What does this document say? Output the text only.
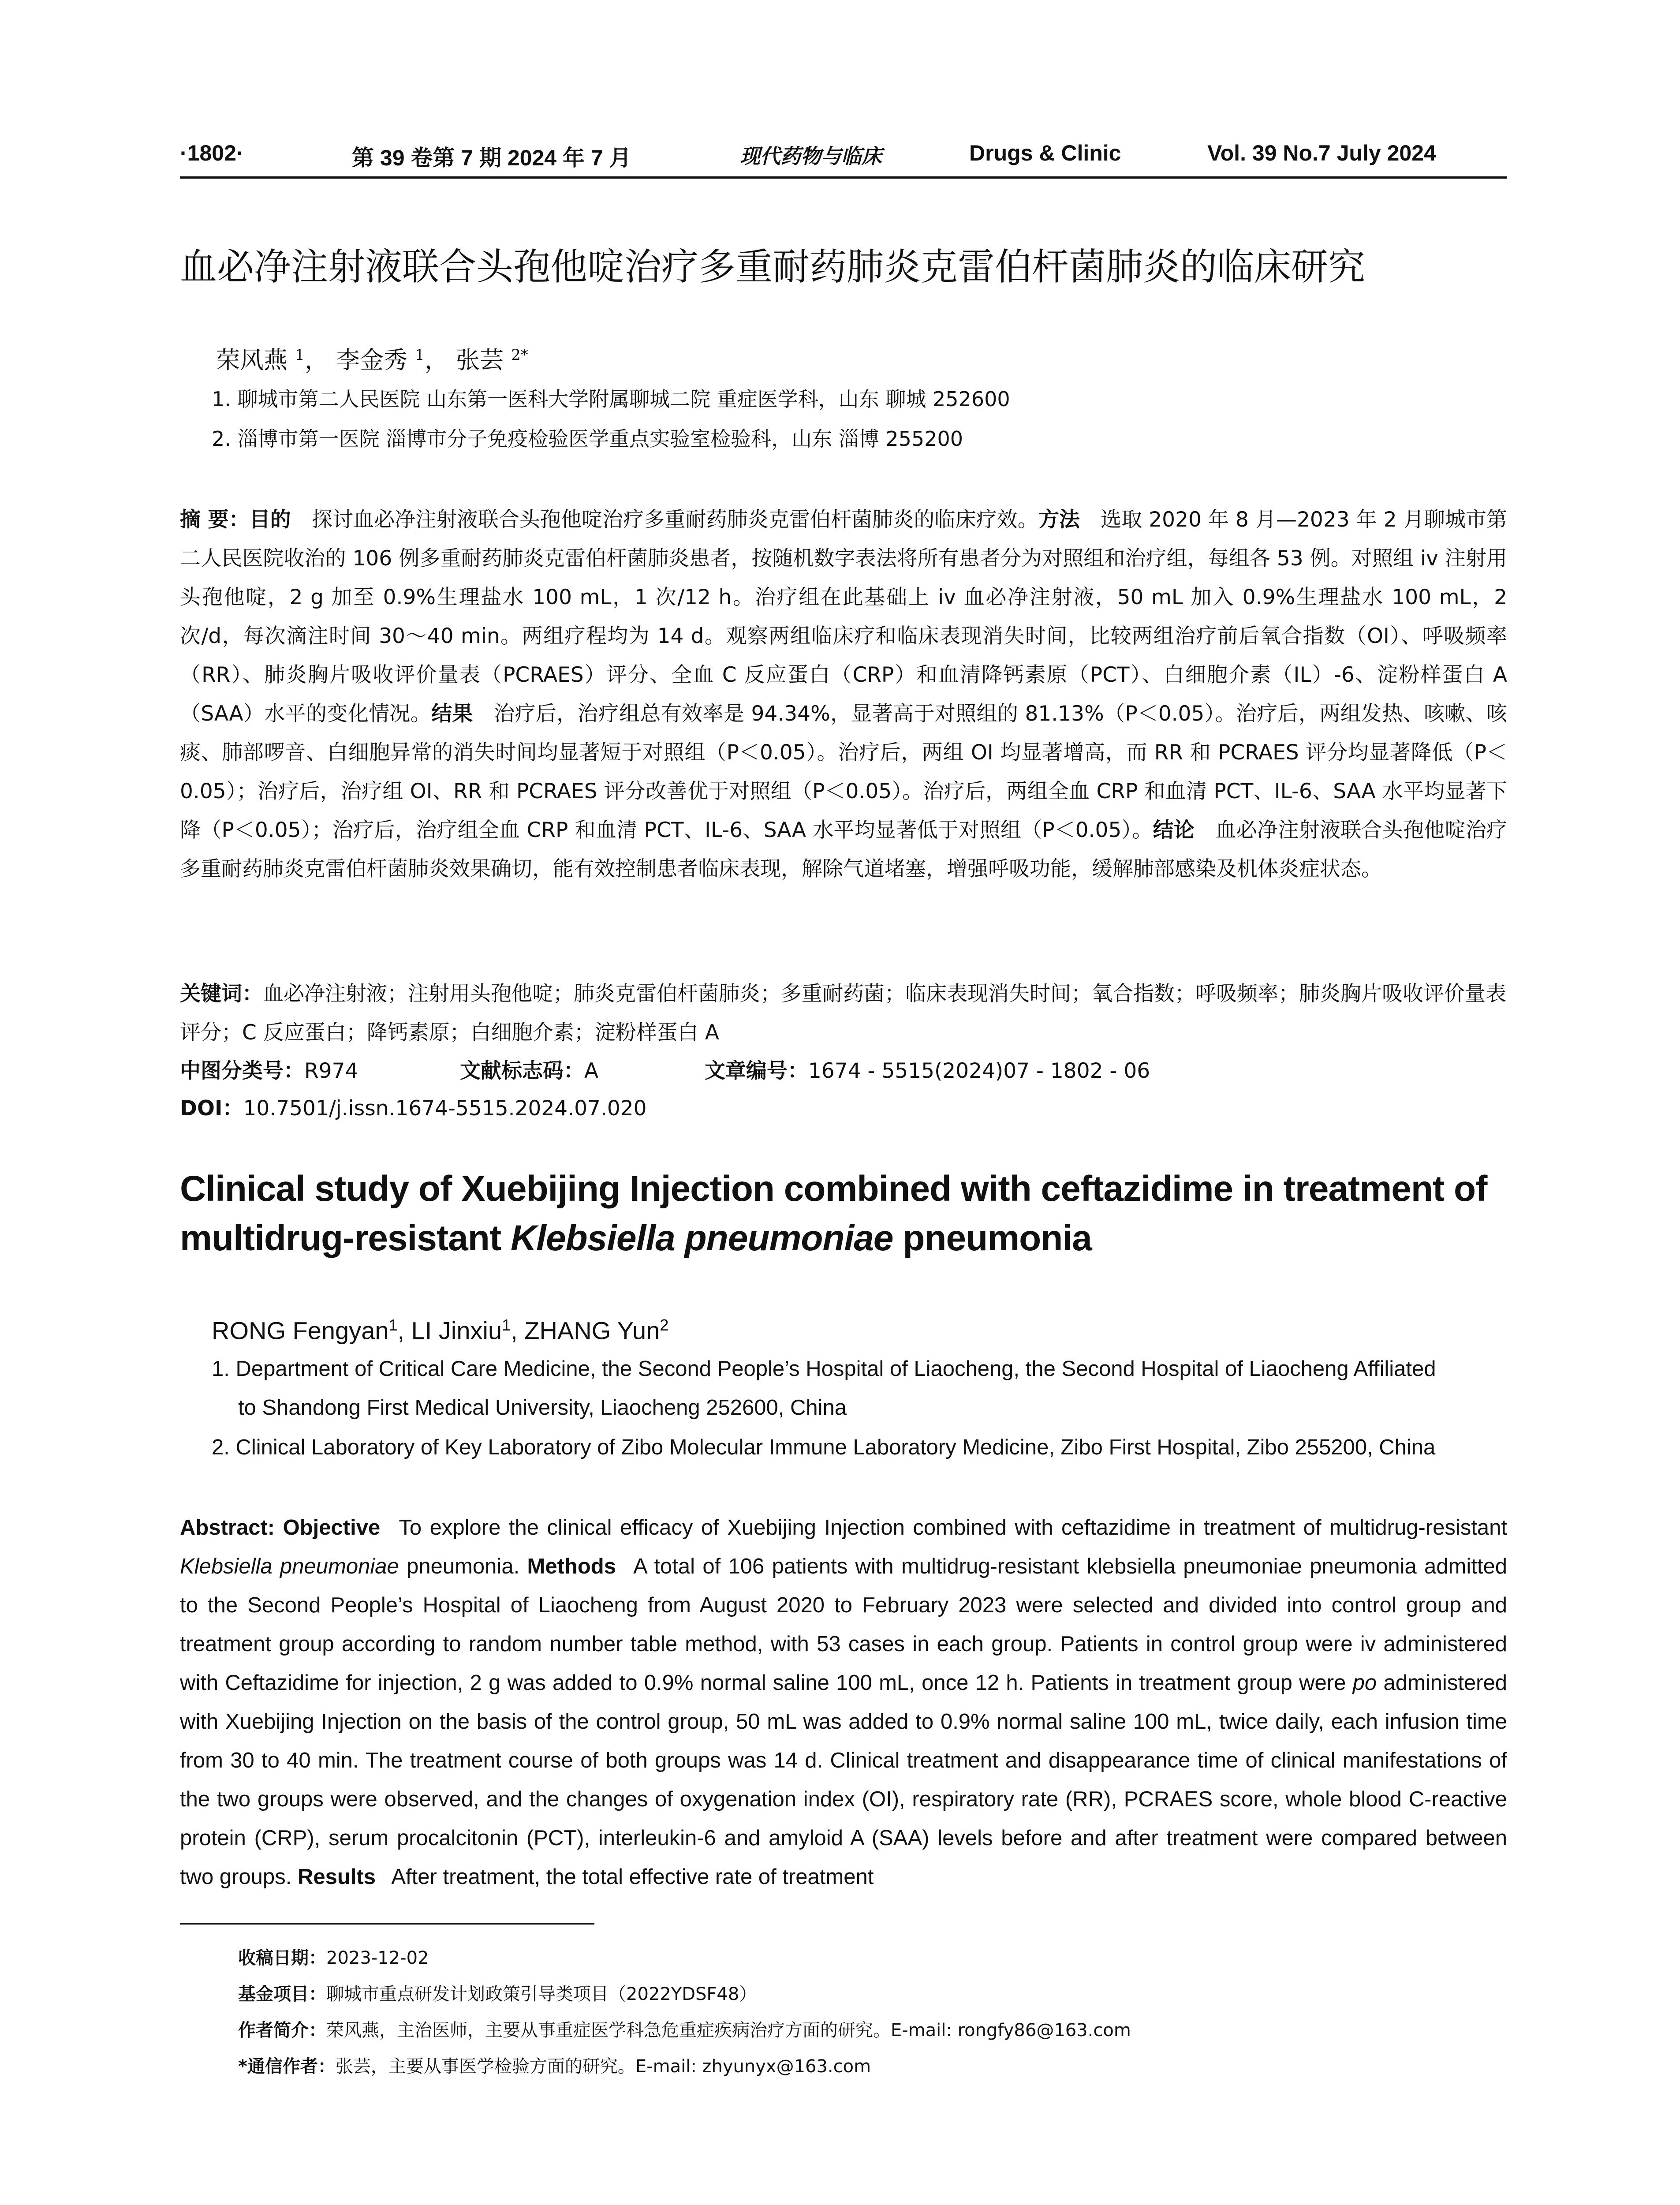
·1802·	第 39 卷第 7 期 2024 年 7 月	现代药物与临床	Drugs & Clinic	Vol. 39 No.7 July 2024
血必净注射液联合头孢他啶治疗多重耐药肺炎克雷伯杆菌肺炎的临床研究
荣风燕 $^1$， 李金秀 $^1$， 张芸 $^{2*}$
1. 聊城市第二人民医院 山东第一医科大学附属聊城二院 重症医学科，山东 聊城 252600
2. 淄博市第一医院 淄博市分子免疫检验医学重点实验室检验科，山东 淄博 255200
摘 要：目的  探讨血必净注射液联合头孢他啶治疗多重耐药肺炎克雷伯杆菌肺炎的临床疗效。方法  选取 2020 年 8 月—2023 年 2 月聊城市第二人民医院收治的 106 例多重耐药肺炎克雷伯杆菌肺炎患者，按随机数字表法将所有患者分为对照组和治疗组，每组各 53 例。对照组 iv 注射用头孢他啶，2 g 加至 0.9%生理盐水 100 mL，1 次/12 h。治疗组在此基础上 iv 血必净注射液，50 mL 加入 0.9%生理盐水 100 mL，2 次/d，每次滴注时间 30～40 min。两组疗程均为 14 d。观察两组临床疗和临床表现消失时间，比较两组治疗前后氧合指数（OI）、呼吸频率（RR）、肺炎胸片吸收评价量表（PCRAES）评分、全血 C 反应蛋白（CRP）和血清降钙素原（PCT）、白细胞介素（IL）-6、淀粉样蛋白 A（SAA）水平的变化情况。结果  治疗后，治疗组总有效率是 94.34%，显著高于对照组的 81.13%（P＜0.05）。治疗后，两组发热、咳嗽、咳痰、肺部啰音、白细胞异常的消失时间均显著短于对照组（P＜0.05）。治疗后，两组 OI 均显著增高，而 RR 和 PCRAES 评分均显著降低（P＜0.05）；治疗后，治疗组 OI、RR 和 PCRAES 评分改善优于对照组（P＜0.05）。治疗后，两组全血 CRP 和血清 PCT、IL-6、SAA 水平均显著下降（P＜0.05）；治疗后，治疗组全血 CRP 和血清 PCT、IL-6、SAA 水平均显著低于对照组（P＜0.05）。结论  血必净注射液联合头孢他啶治疗多重耐药肺炎克雷伯杆菌肺炎效果确切，能有效控制患者临床表现，解除气道堵塞，增强呼吸功能，缓解肺部感染及机体炎症状态。
关键词：血必净注射液；注射用头孢他啶；肺炎克雷伯杆菌肺炎；多重耐药菌；临床表现消失时间；氧合指数；呼吸频率；肺炎胸片吸收评价量表评分；C 反应蛋白；降钙素原；白细胞介素；淀粉样蛋白 A
中图分类号：R974	文献标志码：A	文章编号：1674 - 5515(2024)07 - 1802 - 06
DOI：10.7501/j.issn.1674-5515.2024.07.020
Clinical study of Xuebijing Injection combined with ceftazidime in treatment of multidrug-resistant Klebsiella pneumoniae pneumonia
RONG Fengyan$^1$, LI Jinxiu$^1$, ZHANG Yun$^2$
1. Department of Critical Care Medicine, the Second People’s Hospital of Liaocheng, the Second Hospital of Liaocheng Affiliated
to Shandong First Medical University, Liaocheng 252600, China
2. Clinical Laboratory of Key Laboratory of Zibo Molecular Immune Laboratory Medicine, Zibo First Hospital, Zibo 255200, China
Abstract: Objective  To explore the clinical efficacy of Xuebijing Injection combined with ceftazidime in treatment of multidrug-resistant Klebsiella pneumoniae pneumonia. Methods  A total of 106 patients with multidrug-resistant klebsiella pneumoniae pneumonia admitted to the Second People’s Hospital of Liaocheng from August 2020 to February 2023 were selected and divided into control group and treatment group according to random number table method, with 53 cases in each group. Patients in control group were iv administered with Ceftazidime for injection, 2 g was added to 0.9% normal saline 100 mL, once 12 h. Patients in treatment group were po administered with Xuebijing Injection on the basis of the control group, 50 mL was added to 0.9% normal saline 100 mL, twice daily, each infusion time from 30 to 40 min. The treatment course of both groups was 14 d. Clinical treatment and disappearance time of clinical manifestations of the two groups were observed, and the changes of oxygenation index (OI), respiratory rate (RR), PCRAES score, whole blood C-reactive protein (CRP), serum procalcitonin (PCT), interleukin-6 and amyloid A (SAA) levels before and after treatment were compared between two groups. Results  After treatment, the total effective rate of treatment
收稿日期：2023-12-02
基金项目：聊城市重点研发计划政策引导类项目（2022YDSF48）
作者简介：荣风燕，主治医师，主要从事重症医学科急危重症疾病治疗方面的研究。E-mail: rongfy86@163.com
*通信作者：张芸，主要从事医学检验方面的研究。E-mail: zhyunyx@163.com
